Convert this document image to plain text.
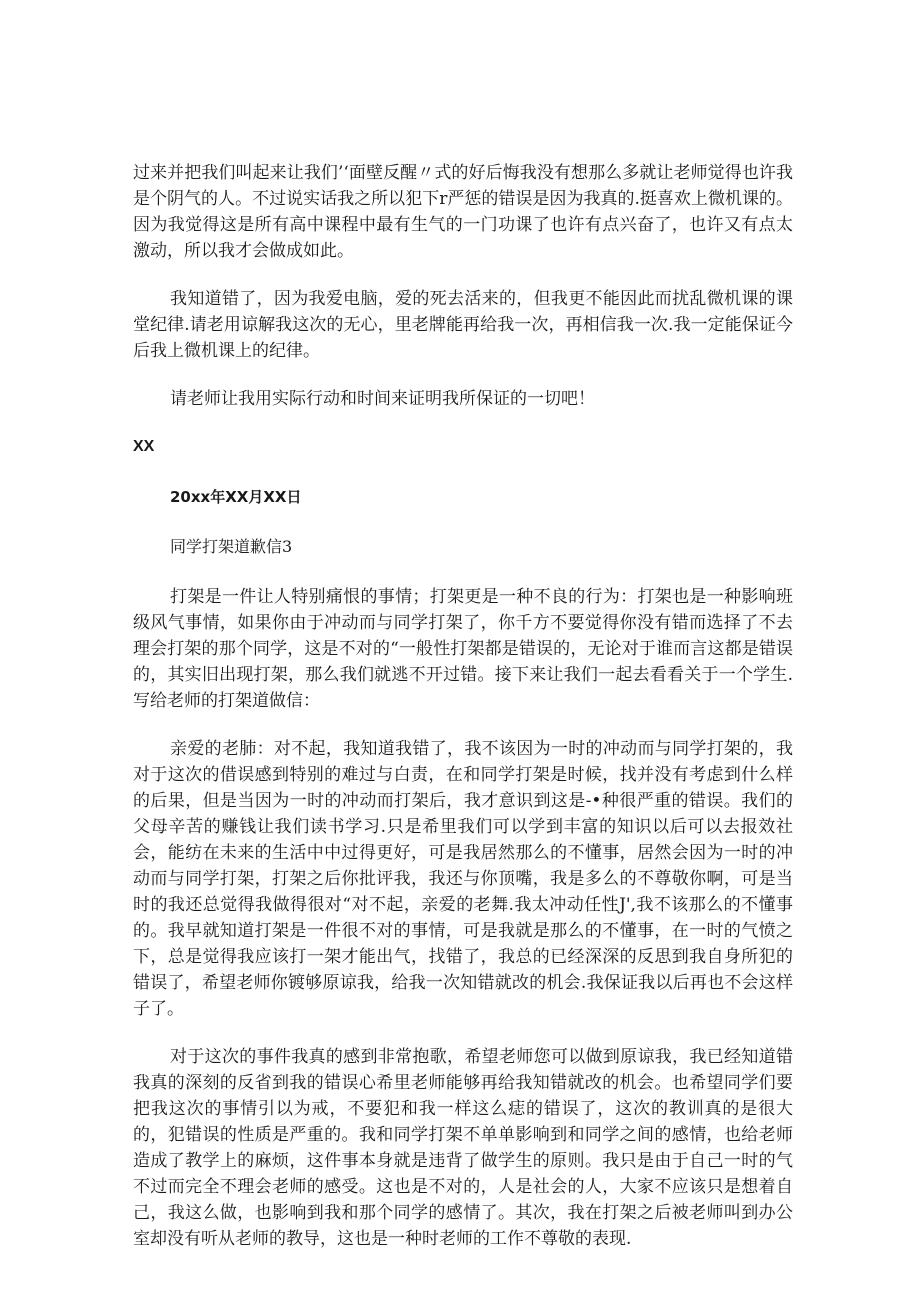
过来并把我们叫起来让我们’‘面壁反醒〃式的好后悔我没有想那么多就让老师觉得也许我是个阴气的人。不过说实话我之所以犯下r严惩的错误是因为我真的.挺喜欢上微机课的。因为我觉得这是所有高中课程中最有生气的一门功课了也许有点兴奋了，也许又有点太激动，所以我才会做成如此。

我知道错了，因为我爱电脑，爱的死去活来的，但我更不能因此而扰乱微机课的课堂纪律.请老用谅解我这次的无心，里老牌能再给我一次，再相信我一次.我一定能保证今后我上微机课上的纪律。

请老师让我用实际行动和时间来证明我所保证的一切吧！

XX

20xx年XX月XX日

同学打架道歉信3

打架是一件让人特别痛恨的事情；打架更是一种不良的行为：打架也是一种影响班级风气事情，如果你由于冲动而与同学打架了，你千方不要觉得你没有错而选择了不去理会打架的那个同学，这是不对的“一般性打架都是错误的，无论对于谁而言这都是错误的，其实旧出现打架，那么我们就逃不开过错。接下来让我们一起去看看关于一个学生.写给老师的打架道做信：

亲爱的老肺：对不起，我知道我错了，我不该因为一时的冲动而与同学打架的，我对于这次的借误感到特别的难过与白责，在和同学打架是时候，找并没有考虑到什么样的后果，但是当因为一时的冲动而打架后，我才意识到这是-•种很严重的错误。我们的父母辛苦的赚钱让我们读书学习.只是希里我们可以学到丰富的知识以后可以去报效社会，能纺在未来的生活中中过得更好，可是我居然那么的不懂事，居然会因为一时的冲动而与同学打架，打架之后你批评我，我还与你顶嘴，我是多么的不尊敬你啊，可是当时的我还总觉得我做得很对“对不起，亲爱的老舞.我太冲动任性J',我不该那么的不懂事的。我早就知道打架是一件很不对的事情，可是我就是那么的不懂事，在一时的气愤之下，总是觉得我应该打一架才能出气，找错了，我总的已经深深的反思到我自身所犯的错误了，希望老师你镀够原谅我，给我一次知错就改的机会.我保证我以后再也不会这样子了。

对于这次的事件我真的感到非常抱歌，希望老师您可以做到原谅我，我已经知道错我真的深刻的反省到我的错误心希里老师能够再给我知错就改的机会。也希望同学们要把我这次的事情引以为戒，不要犯和我一样这么痣的错误了，这次的教训真的是很大的，犯错误的性质是严重的。我和同学打架不单单影响到和同学之间的感情，也给老师造成了教学上的麻烦，这件事本身就是违背了做学生的原则。我只是由于自己一时的气不过而完全不理会老师的感受。这也是不对的，人是社会的人，大家不应该只是想着自己，我这么做，也影响到我和那个同学的感情了。其次，我在打架之后被老师叫到办公室却没有听从老师的教导，这也是一种时老师的工作不尊敬的表现.
